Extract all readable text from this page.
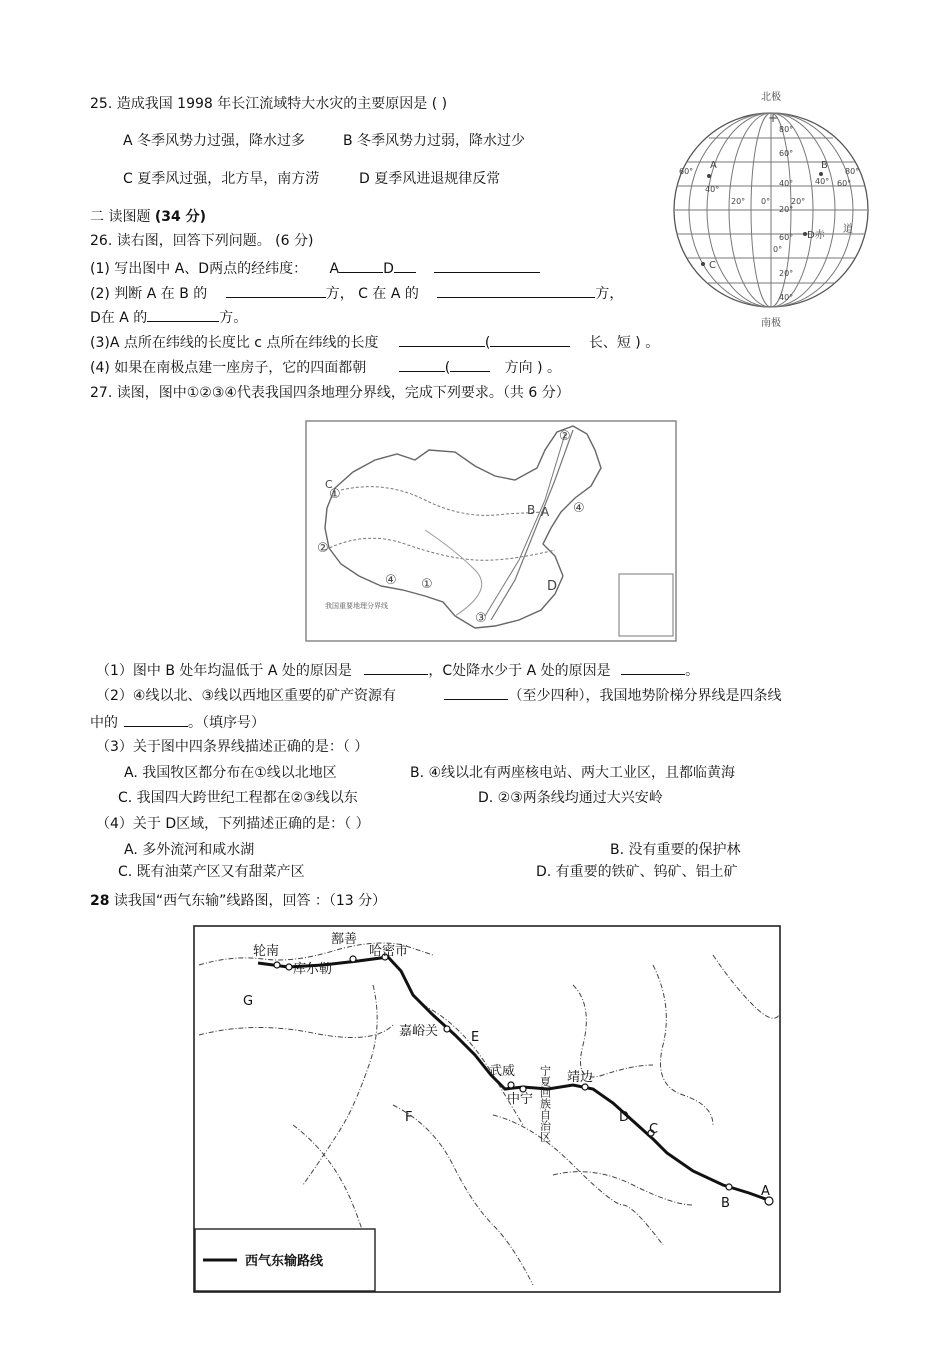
25. 造成我国 1998 年长江流域特大水灾的主要原因是 ( )
A 冬季风势力过强，降水过多	B 冬季风势力过弱，降水过少
C 夏季风过强，北方旱，南方涝	D 夏季风进退规律反常
二 读图题 (34 分)
26. 读右图，回答下列问题。 (6 分)
(1) 写出图中 A、D两点的经纬度： A	D
(2) 判断 A 在 B 的	方， C 在 A 的	方，
D在 A 的	方。
(3)A 点所在纬线的长度比 c 点所在纬线的长度	(	长、短 ) 。
(4) 如果在南极点建一座房子，它的四面都朝	(	方向 ) 。
北极
南极
+
80°
60°
40°
20°
0°
20°
40°
60°
60°
40°
20° 0°	20°
40° 60°
80°
A	B
C
D赤
道
27. 读图，图中①②③④代表我国四条地理分界线，完成下列要求。（共 6 分）
①
②
③
④
②
④
①
A
B
C
D
我国重要地理分界线
（1）图中 B 处年均温低于 A 处的原因是	，C处降水少于 A 处的原因是	。
（2）④线以北、③线以西地区重要的矿产资源有	（至少四种），我国地势阶梯分界线是四条线
中的	。（填序号）
（3）关于图中四条界线描述正确的是：（ ）
A. 我国牧区都分布在①线以北地区	B. ④线以北有两座核电站、两大工业区，且都临黄海
C. 我国四大跨世纪工程都在②③线以东	D. ②③两条线均通过大兴安岭
（4）关于 D区域，下列描述正确的是：（ ）
A. 多外流河和咸水湖	B. 没有重要的保护林
C. 既有油菜产区又有甜菜产区	D. 有重要的铁矿、钨矿、铝土矿
28 读我国“西气东输”线路图，回答 ：（13 分）
轮南
库尔勒
鄯善
哈密市
嘉峪关
武威
中宁
靖边
宁夏回族自治区
G
E
F	D
C
B
A
西气东输路线
